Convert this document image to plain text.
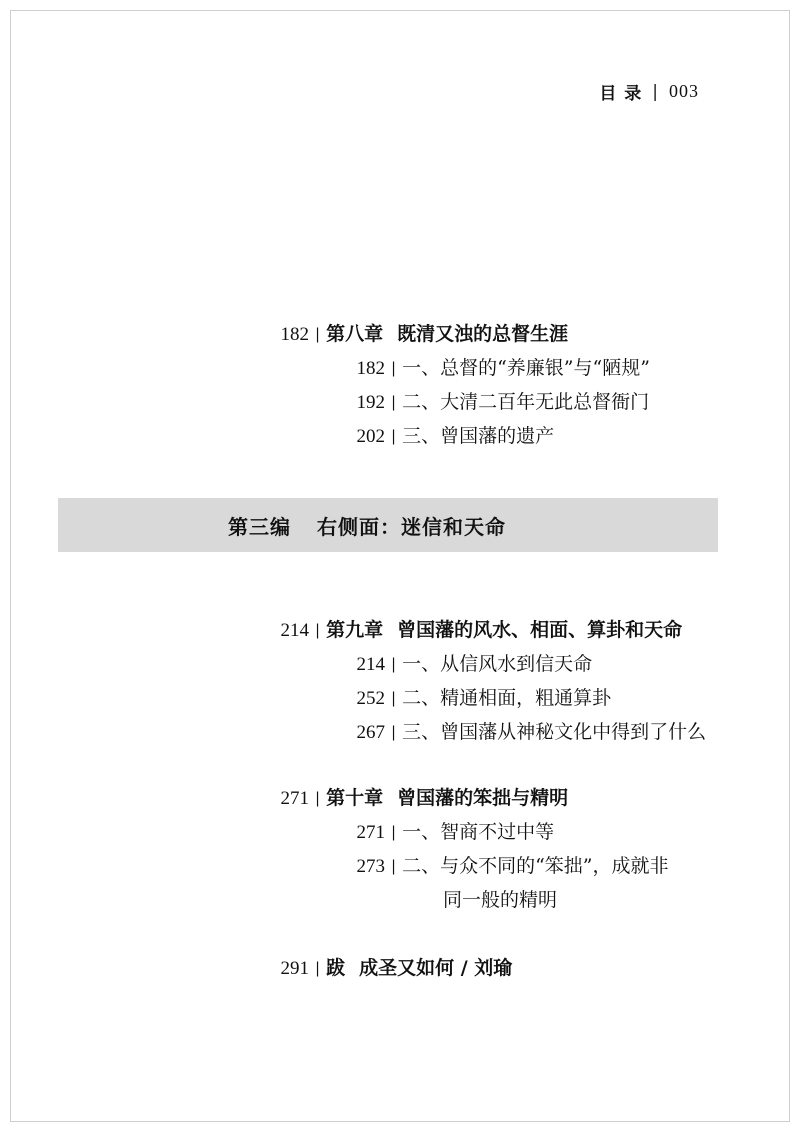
目 录 | 003
182 | 第八章 既清又浊的总督生涯
182 | 一、总督的“养廉银”与“陋规”
192 | 二、大清二百年无此总督衙门
202 | 三、曾国藩的遗产
第三编 右侧面：迷信和天命
214 | 第九章 曾国藩的风水、相面、算卦和天命
214 | 一、从信风水到信天命
252 | 二、精通相面，粗通算卦
267 | 三、曾国藩从神秘文化中得到了什么
271 | 第十章 曾国藩的笨拙与精明
271 | 一、智商不过中等
273 | 二、与众不同的“笨拙”，成就非
同一般的精明
291 | 跋 成圣又如何 / 刘瑜
